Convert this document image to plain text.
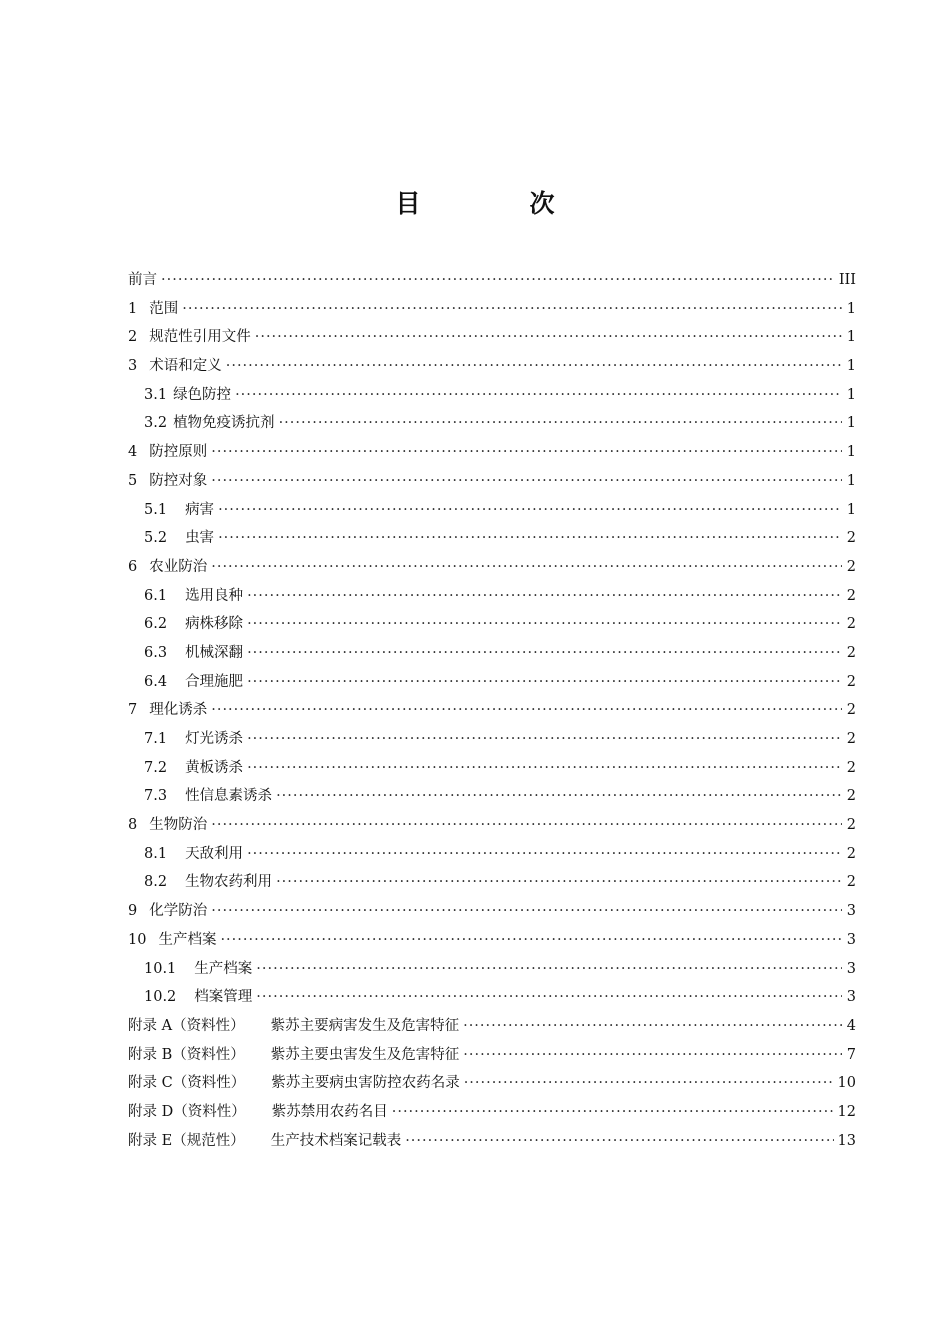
目　次
前言 ·····	III
1 范围 ·····	1
2 规范性引用文件 ·····	1
3 术语和定义 ·····	1
3.1 绿色防控 ·····	1
3.2 植物免疫诱抗剂 ·····	1
4 防控原则 ·····	1
5 防控对象 ·····	1
5.1 病害 ·····	1
5.2 虫害 ·····	2
6 农业防治 ·····	2
6.1 选用良种 ·····	2
6.2 病株移除 ·····	2
6.3 机械深翻 ·····	2
6.4 合理施肥 ·····	2
7 理化诱杀 ·····	2
7.1 灯光诱杀 ·····	2
7.2 黄板诱杀 ·····	2
7.3 性信息素诱杀 ·····	2
8 生物防治 ·····	2
8.1 天敌利用 ·····	2
8.2 生物农药利用 ·····	2
9 化学防治 ·····	3
10 生产档案 ·····	3
10.1 生产档案 ·····	3
10.2 档案管理 ·····	3
附录 A（资料性） 紫苏主要病害发生及危害特征 ·····	4
附录 B（资料性） 紫苏主要虫害发生及危害特征 ·····	7
附录 C（资料性） 紫苏主要病虫害防控农药名录 ·····	10
附录 D（资料性） 紫苏禁用农药名目 ·····	12
附录 E（规范性） 生产技术档案记载表 ·····	13
